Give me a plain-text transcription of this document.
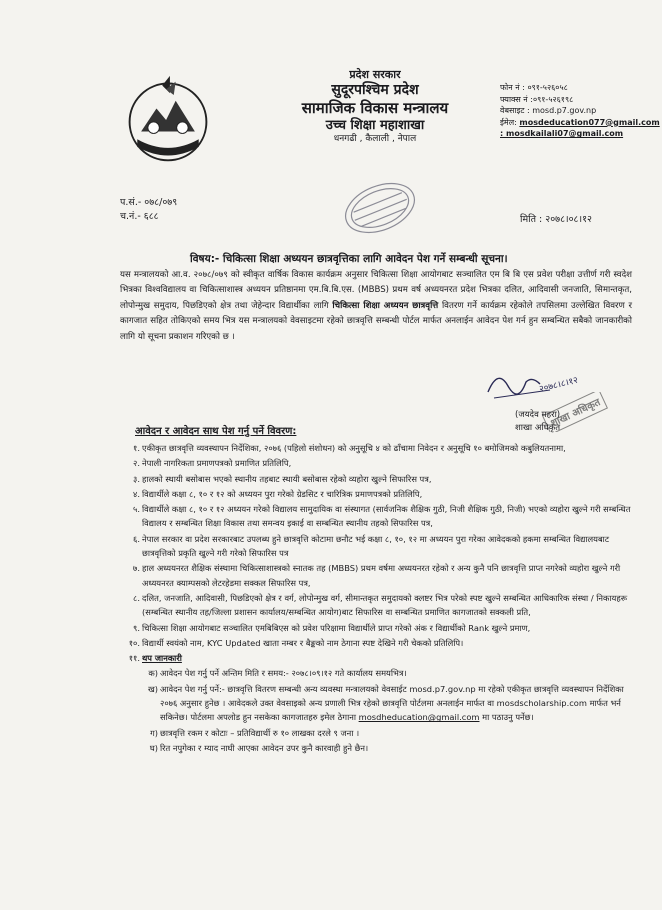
प्रदेश सरकार
सुदूरपश्चिम प्रदेश
सामाजिक विकास मन्त्रालय
उच्च शिक्षा महाशाखा
धनगढी , कैलाली , नेपाल
फोन नं : ०९१-५२६०५८
फ्याक्स नं :०९१-५२६१९८
वेबसाइट : mosd.p7.gov.np
ईमेल: mosdeducation077@gmail.com
: mosdkailali07@gmail.com
प.सं.- ०७८/०७९
च.नं.- ६८८	मिति : २०७८।०८।१२
विषय:- चिकित्सा शिक्षा अध्ययन छात्रवृत्तिका लागि आवेदन पेश गर्ने सम्बन्धी सूचना।
यस मन्त्रालयको आ.व. २०७८/०७९ को स्वीकृत वार्षिक विकास कार्यक्रम अनुसार चिकित्सा शिक्षा आयोगबाट सञ्चालित एम बि बि एस प्रवेश परीक्षा उत्तीर्ण गरी स्वदेश भित्रका विश्वविद्यालय वा चिकित्साशास्त्र अध्ययन प्रतिष्ठानमा एम.बि.बि.एस. (MBBS) प्रथम वर्ष अध्ययनरत प्रदेश भित्रका दलित, आदिवासी जनजाति, सिमान्तकृत, लोपोन्मुख समुदाय, पिछडिएको क्षेत्र तथा जेहेन्दार विद्यार्थीका लागि चिकित्सा शिक्षा अध्ययन छात्रवृत्ति वितरण गर्ने कार्यक्रम रहेकोले तपसिलमा उल्लेखित विवरण र कागजात सहित तोकिएको समय भित्र यस मन्त्रालयको वेवसाइटमा रहेको छात्रवृत्ति सम्बन्धी पोर्टल मार्फत अनलाईन आवेदन पेश गर्न हुन सम्बन्धित सबैको जानकारीको लागि यो सूचना प्रकाशन गरिएको छ ।
२०७८।८।१२
शाखा अधिकृत
(जयदेव महरा)
शाखा अधिकृत
आवेदन र आवेदन साथ पेश गर्नु पर्ने विवरण:
१. एकीकृत छात्रवृत्ति व्यवस्थापन निर्देशिका, २०७६ (पहिलो संशोधन) को अनुसूचि ४ को ढाँचामा निवेदन र अनुसूचि १० बमोजिमको कबुलियतनामा,
२. नेपाली नागरिकता प्रमाणपत्रको प्रमाणित प्रतिलिपि,
३. हालको स्थायी बसोबास भएको स्थानीय तहबाट स्थायी बसोबास रहेको व्यहोरा खुल्ने सिफारिस पत्र,
४. विद्यार्थीले कक्षा ८, १० र १२ को अध्ययन पुरा गरेको ग्रेडसिट र चारित्रिक प्रमाणपत्रको प्रतिलिपि,
५. विद्यार्थीले कक्षा ८, १० र १२ अध्ययन गरेको विद्यालय सामुदायिक वा संस्थागत (सार्वजनिक शैक्षिक गुठी, निजी शैक्षिक गुठी, निजी) भएको व्यहोरा खुल्ने गरी सम्बन्धित विद्यालय र सम्बन्धित शिक्षा विकास तथा समन्वय इकाई वा सम्बन्धित स्थानीय तहको सिफारिस पत्र,
६. नेपाल सरकार वा प्रदेश सरकारबाट उपलब्ध हुने छात्रवृत्ति कोटामा छनौट भई कक्षा ८, १०, १२ मा अध्ययन पुरा गरेका आवेदकको हकमा सम्बन्धित विद्यालयबाट छात्रवृत्तिको प्रकृति खुल्ने गरी गरेको सिफारिस पत्र
७. हाल अध्ययनरत शैक्षिक संस्थामा चिकित्साशास्त्रको स्नातक तह (MBBS) प्रथम वर्षमा अध्ययनरत रहेको र अन्य कुनै पनि छात्रवृत्ति प्राप्त नगरेको व्यहोरा खुल्ने गरी अध्ययनरत क्याम्पसको लेटरहेडमा सक्कल सिफारिस पत्र,
८. दलित, जनजाति, आदिवासी, पिछडिएको क्षेत्र र वर्ग, लोपोन्मुख वर्ग, सीमान्तकृत समुदायको क्लष्टर भित्र परेको स्पष्ट खुल्ने सम्बन्धित आधिकारिक संस्था / निकायहरू (सम्बन्धित स्थानीय तह/जिल्ला प्रशासन कार्यालय/सम्बन्धित आयोग)बाट सिफारिस वा सम्बन्धित प्रमाणित कागजातको सक्कली प्रति,
९. चिकित्सा शिक्षा आयोगबाट सञ्चालित एमबिबिएस को प्रवेश परिक्षामा विद्यार्थीले प्राप्त गरेको अंक र विद्यार्थीको Rank खुल्ने प्रमाण,
१०. विद्यार्थी स्वयंको नाम, KYC Updated खाता नम्बर र बैङ्कको नाम ठेगाना स्पष्ट देखिने गरी चेकको प्रतिलिपि।
११. थप जानकारी
क) आवेदन पेश गर्नु पर्ने अन्तिम मिति र समय:- २०७८।०९।१२ गते कार्यालय समयभित्र।
ख) आवेदन पेश गर्नु पर्ने:- छात्रवृत्ति वितरण सम्बन्धी अन्य व्यवस्था मन्त्रालयको वेवसाईट mosd.p7.gov.np मा रहेको एकीकृत छात्रवृत्ति व्यवस्थापन निर्देशिका २०७६ अनुसार हुनेछ । आवेदकले उक्त वेवसाइको अन्य प्रणाली भित्र रहेको छात्रवृत्ति पोर्टलमा अनलाईन मार्फत वा mosdscholarship.com मार्फत भर्न सकिनेछ। पोर्टलमा अपलोड हुन नसकेका कागजातहरु इमेल ठेगाना mosdheducation@gmail.com मा पठाउनु पर्नेछ।
ग) छात्रवृत्ति रकम र कोटाः – प्रतिविद्यार्थी रु १० लाखका दरले ९ जना ।
घ) रित नपुगेका र म्याद नाघी आएका आवेदन उपर कुनै कारवाही हुने छैन।
